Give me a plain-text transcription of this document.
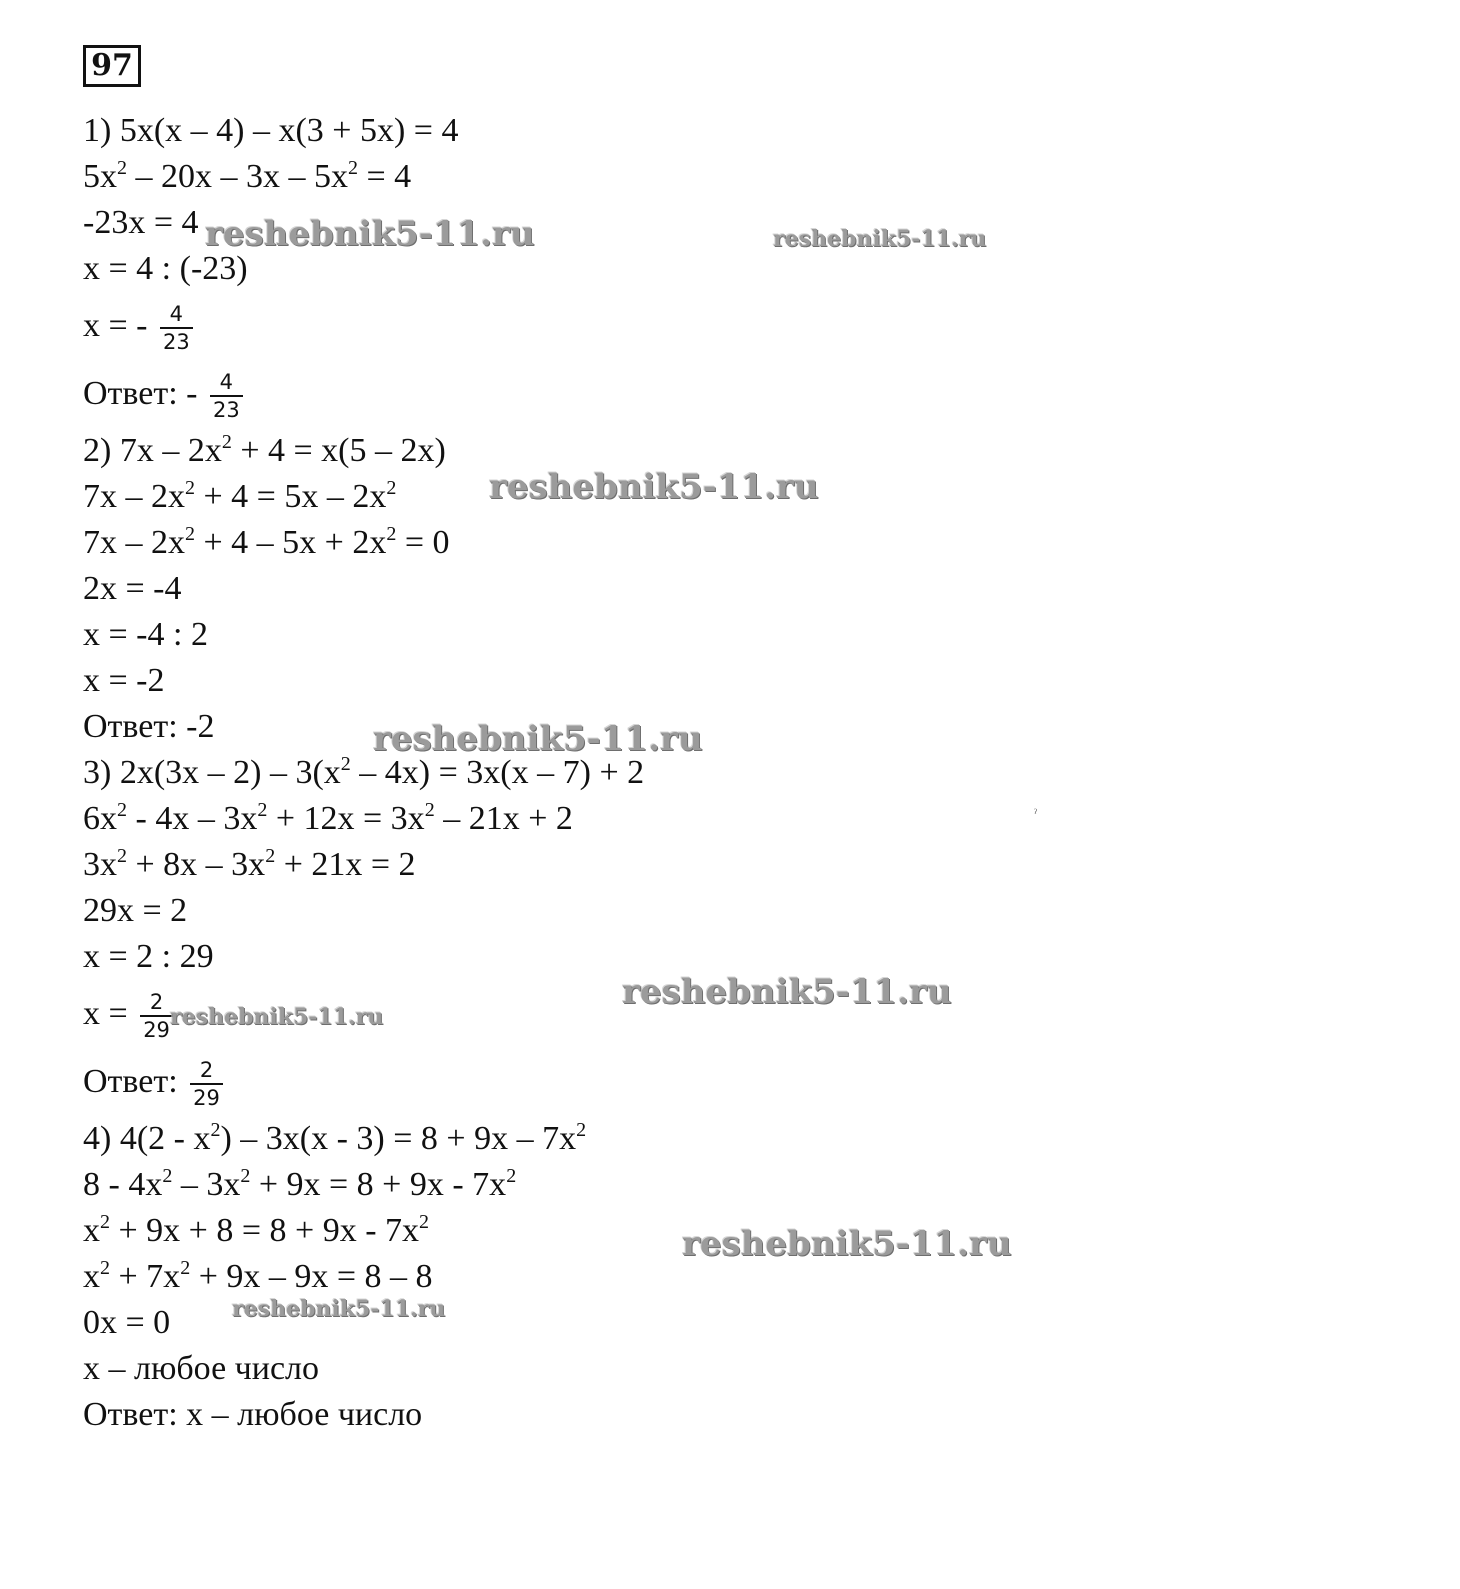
97
1) 5x(x – 4) – x(3 + 5x) = 4
$5x^2 - 20x - 3x - 5x^2 = 4$
-23x = 4
x = 4 : (-23)
x = - $\frac{4}{23}$
Ответ: - $\frac{4}{23}$
2) $7x - 2x^2 + 4 = x(5 - 2x)$
$7x - 2x^2 + 4 = 5x - 2x^2$
$7x - 2x^2 + 4 - 5x + 2x^2 = 0$
2x = -4
x = -4 : 2
x = -2
Ответ: -2
3) $2x(3x - 2) - 3(x^2 - 4x) = 3x(x - 7) + 2$
$6x^2 - 4x - 3x^2 + 12x = 3x^2 - 21x + 2$
$3x^2 + 8x - 3x^2 + 21x = 2$
29x = 2
x = 2 : 29
$x = \frac{2}{29}$
Ответ: $\frac{2}{29}$
4) $4(2 - x^2) - 3x(x - 3) = 8 + 9x - 7x^2$
$8 - 4x^2 - 3x^2 + 9x = 8 + 9x - 7x^2$
$x^2 + 9x + 8 = 8 + 9x - 7x^2$
$x^2 + 7x^2 + 9x - 9x = 8 - 8$
0x = 0
x – любое число
Ответ: x – любое число
reshebnik5-11.ru	reshebnik5-11.ru
reshebnik5-11.ru
reshebnik5-11.ru
reshebnik5-11.ru
reshebnik5-11.ru
reshebnik5-11.ru
reshebnik5-11.ru
ˀ
